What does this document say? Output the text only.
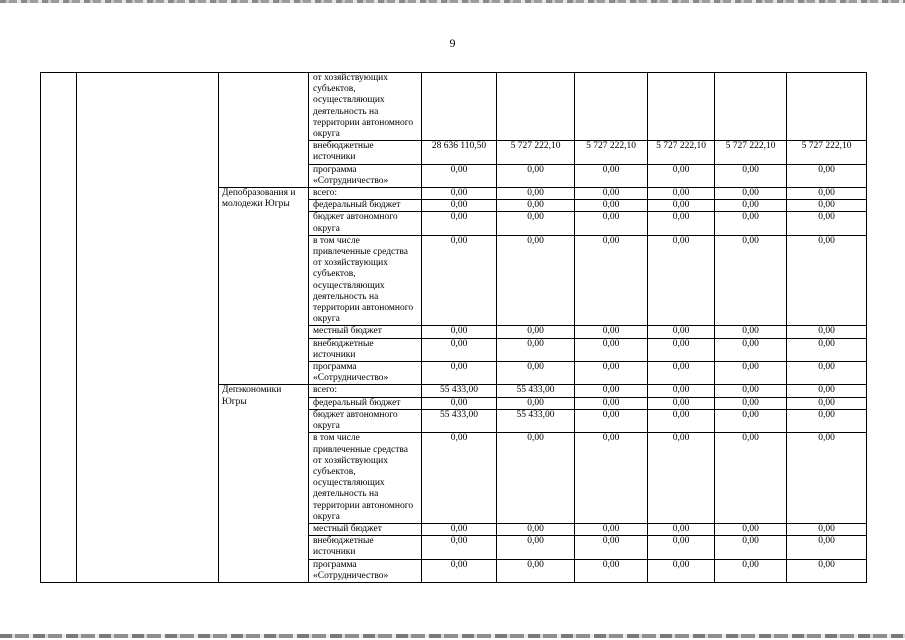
9
			от хозяйствующих субъектов, осуществляющих деятельность на территории автономного округа						
			внебюджетные источники	28 636 110,50	5 727 222,10	5 727 222,10	5 727 222,10	5 727 222,10	5 727 222,10
			программа «Сотрудничество»	0,00	0,00	0,00	0,00	0,00	0,00
		Депобразования и молодежи Югры	всего:	0,00	0,00	0,00	0,00	0,00	0,00
			федеральный бюджет	0,00	0,00	0,00	0,00	0,00	0,00
			бюджет автономного округа	0,00	0,00	0,00	0,00	0,00	0,00
			в том числе привлеченные средства от хозяйствующих субъектов, осуществляющих деятельность на территории автономного округа	0,00	0,00	0,00	0,00	0,00	0,00
			местный бюджет	0,00	0,00	0,00	0,00	0,00	0,00
			внебюджетные источники	0,00	0,00	0,00	0,00	0,00	0,00
			программа «Сотрудничество»	0,00	0,00	0,00	0,00	0,00	0,00
		Депэкономики Югры	всего:	55 433,00	55 433,00	0,00	0,00	0,00	0,00
			федеральный бюджет	0,00	0,00	0,00	0,00	0,00	0,00
			бюджет автономного округа	55 433,00	55 433,00	0,00	0,00	0,00	0,00
			в том числе привлеченные средства от хозяйствующих субъектов, осуществляющих деятельность на территории автономного округа	0,00	0,00	0,00	0,00	0,00	0,00
			местный бюджет	0,00	0,00	0,00	0,00	0,00	0,00
			внебюджетные источники	0,00	0,00	0,00	0,00	0,00	0,00
			программа «Сотрудничество»	0,00	0,00	0,00	0,00	0,00	0,00
